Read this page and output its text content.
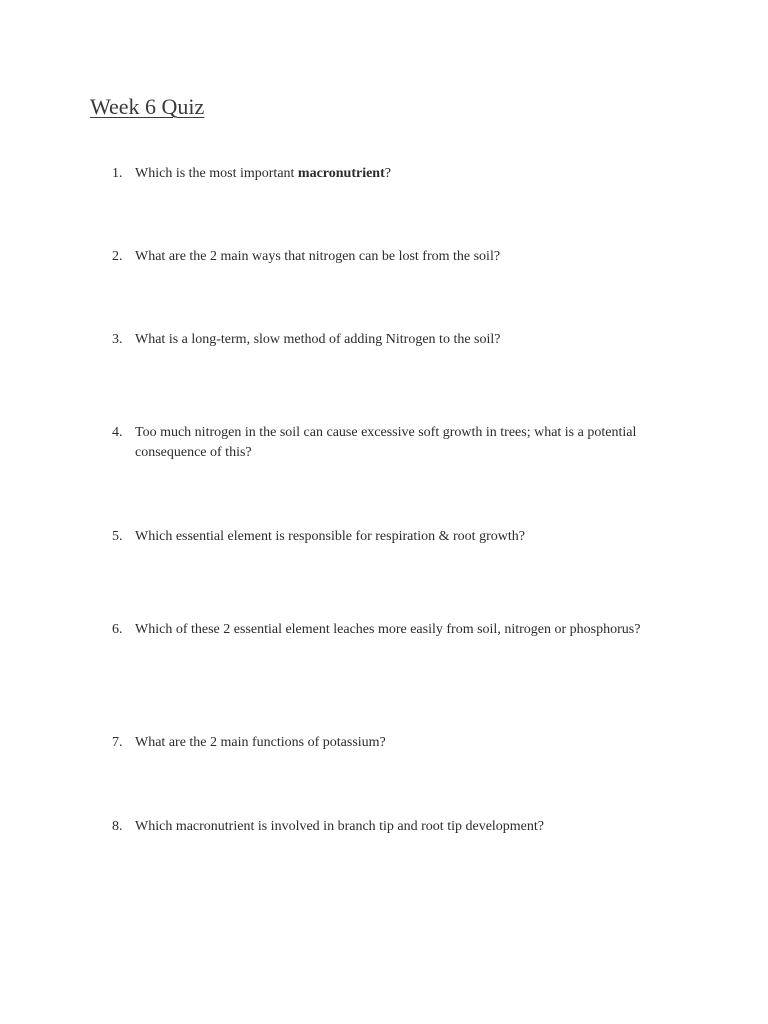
Week 6 Quiz
1. Which is the most important macronutrient?
2. What are the 2 main ways that nitrogen can be lost from the soil?
3. What is a long-term, slow method of adding Nitrogen to the soil?
4. Too much nitrogen in the soil can cause excessive soft growth in trees; what is a potential consequence of this?
5. Which essential element is responsible for respiration & root growth?
6. Which of these 2 essential element leaches more easily from soil, nitrogen or phosphorus?
7. What are the 2 main functions of potassium?
8. Which macronutrient is involved in branch tip and root tip development?
